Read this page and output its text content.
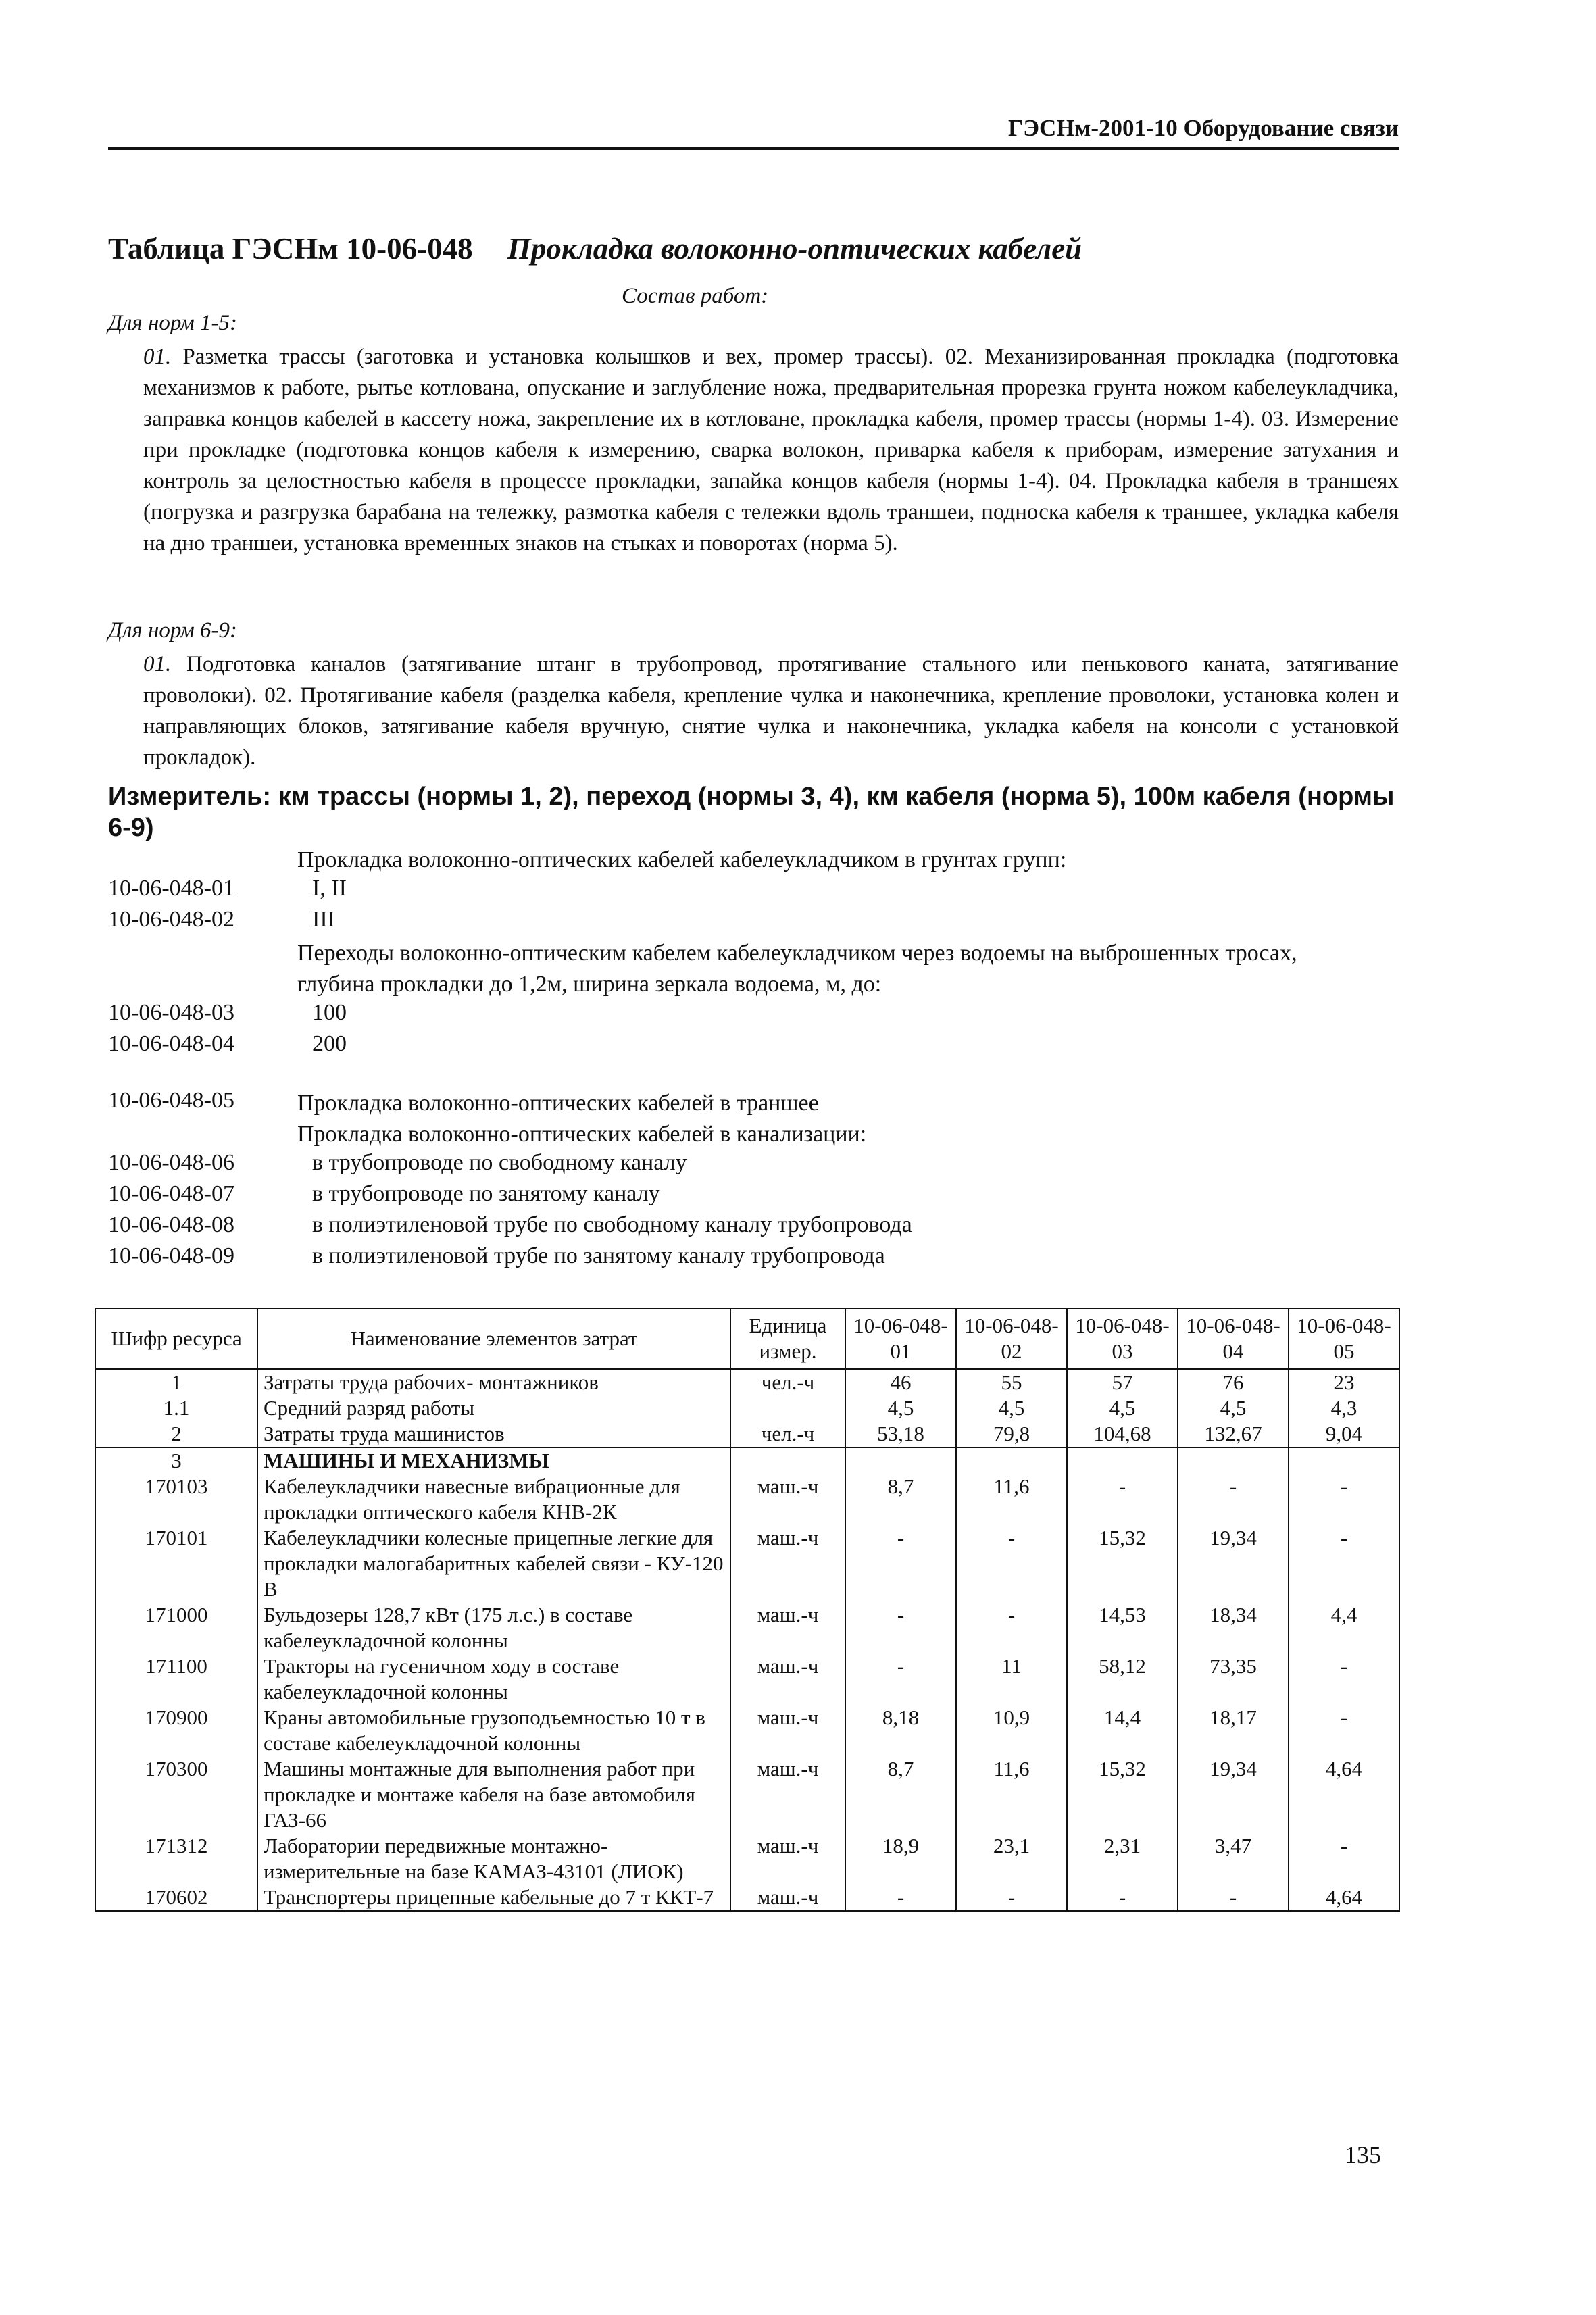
ГЭСНм-2001-10 Оборудование связи
Таблица ГЭСНм 10-06-048 Прокладка волоконно-оптических кабелей
Состав работ:
Для норм 1-5:
01. Разметка трассы (заготовка и установка колышков и вех, промер трассы). 02. Механизированная прокладка (подготовка механизмов к работе, рытье котлована, опускание и заглубление ножа, предварительная прорезка грунта ножом кабелеукладчика, заправка концов кабелей в кассету ножа, закрепление их в котловане, прокладка кабеля, промер трассы (нормы 1-4). 03. Измерение при прокладке (подготовка концов кабеля к измерению, сварка волокон, приварка кабеля к приборам, измерение затухания и контроль за целостностью кабеля в процессе прокладки, запайка концов кабеля (нормы 1-4). 04. Прокладка кабеля в траншеях (погрузка и разгрузка барабана на тележку, размотка кабеля с тележки вдоль траншеи, подноска кабеля к траншее, укладка кабеля на дно траншеи, установка временных знаков на стыках и поворотах (норма 5).
Для норм 6-9:
01. Подготовка каналов (затягивание штанг в трубопровод, протягивание стального или пенькового каната, затягивание проволоки). 02. Протягивание кабеля (разделка кабеля, крепление чулка и наконечника, крепление проволоки, установка колен и направляющих блоков, затягивание кабеля вручную, снятие чулка и наконечника, укладка кабеля на консоли с установкой прокладок).
Измеритель: км трассы (нормы 1, 2), переход (нормы 3, 4), км кабеля (норма 5), 100м кабеля (нормы 6-9)
Прокладка волоконно-оптических кабелей кабелеукладчиком в грунтах групп:
10-06-048-01	I, II
10-06-048-02	III
Переходы волоконно-оптическим кабелем кабелеукладчиком через водоемы на выброшенных тросах, глубина прокладки до 1,2м, ширина зеркала водоема, м, до:
10-06-048-03	100
10-06-048-04	200
10-06-048-05	Прокладка волоконно-оптических кабелей в траншее
Прокладка волоконно-оптических кабелей в канализации:
10-06-048-06	в трубопроводе по свободному каналу
10-06-048-07	в трубопроводе по занятому каналу
10-06-048-08	в полиэтиленовой трубе по свободному каналу трубопровода
10-06-048-09	в полиэтиленовой трубе по занятому каналу трубопровода
Шифр ресурса	Наименование элементов затрат	Единица измер.	10-06-048-01	10-06-048-02	10-06-048-03	10-06-048-04	10-06-048-05
1	Затраты труда рабочих- монтажников	чел.-ч	46	55	57	76	23
1.1	Средний разряд работы		4,5	4,5	4,5	4,5	4,3
2	Затраты труда машинистов	чел.-ч	53,18	79,8	104,68	132,67	9,04
3	МАШИНЫ И МЕХАНИЗМЫ						
170103	Кабелеукладчики навесные вибрационные для прокладки оптического кабеля КНВ-2К	маш.-ч	8,7	11,6	-	-	-
170101	Кабелеукладчики колесные прицепные легкие для прокладки малогабаритных кабелей связи - КУ-120 В	маш.-ч	-	-	15,32	19,34	-
171000	Бульдозеры 128,7 кВт (175 л.с.) в составе кабелеукладочной колонны	маш.-ч	-	-	14,53	18,34	4,4
171100	Тракторы на гусеничном ходу в составе кабелеукладочной колонны	маш.-ч	-	11	58,12	73,35	-
170900	Краны автомобильные грузоподъемностью 10 т в составе кабелеукладочной колонны	маш.-ч	8,18	10,9	14,4	18,17	-
170300	Машины монтажные для выполнения работ при прокладке и монтаже кабеля на базе автомобиля ГАЗ-66	маш.-ч	8,7	11,6	15,32	19,34	4,64
171312	Лаборатории передвижные монтажно-измерительные на базе КАМАЗ-43101 (ЛИОК)	маш.-ч	18,9	23,1	2,31	3,47	-
170602	Транспортеры прицепные кабельные до 7 т ККТ-7	маш.-ч	-	-	-	-	4,64
135
